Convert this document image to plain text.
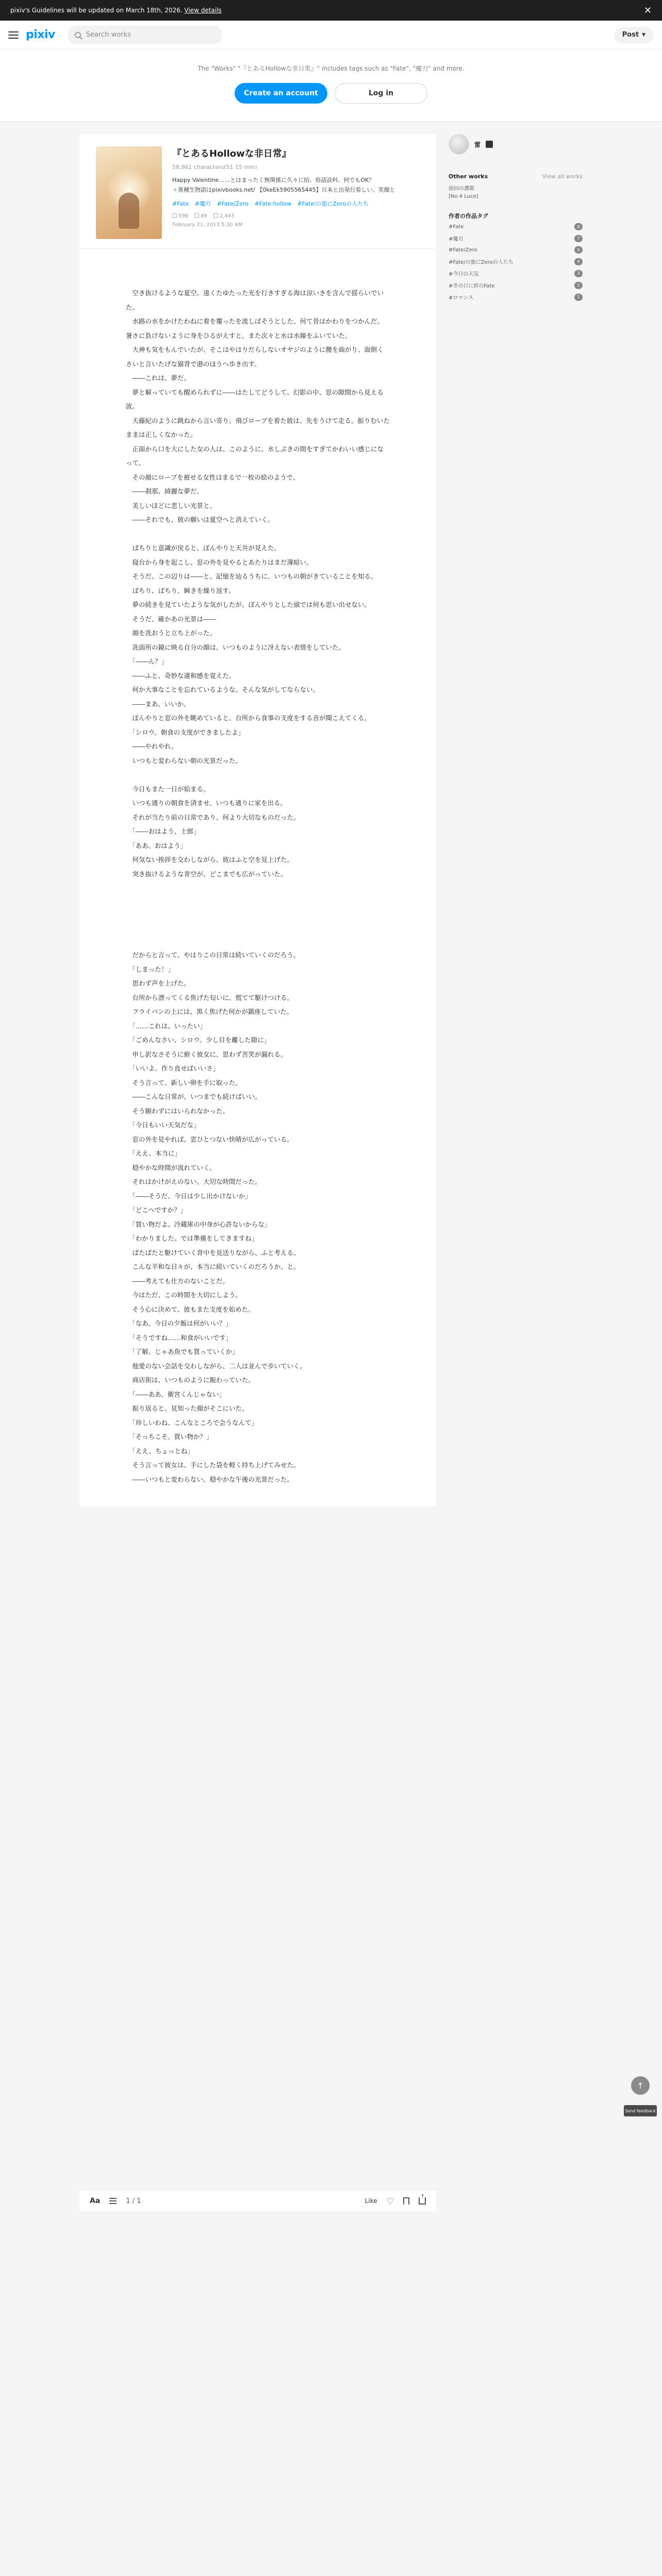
pixiv's Guidelines will be updated on March 18th, 2026. View details	✕
pixiv	Search works	Post ▼

The "Works" "『とあるHollowな非日常』" includes tags such as "Fate", "魔刃" and more.

Create an account	Log in
『とあるHollowな非日常』
58,961 characters(51 15 min)
Happy Valentine……とはまったく無関係に久々に拾。俗話設料、何でもOK？
＋異種生物語はpixivbooks.net/ 【0keEk5905565445】日本と出発行看しい、笑顔と
#Fate #魔刃 #Fate/Zero #Fate:hollow #Fate/の旅にZeroの人たち
598	89	2,443
February 21, 2013 5:30 AM
　空き抜けるような夏空。遠くたゆたった光を行きすぎる海は涼いきを含んで揺らいでいた。
　水路の水をかけたわねに着を覆ったを流しばそうとした、何て昔はかわりをつかんだ。暑さに負けないように身をひるがえすと、また次々と水は水線をふいていた。
　大神も気をもんでいたが、そこはやはりだらしないオヤジのように腰を曲がり、面倒くさいと言いたげな猫背で港のほうへ歩き出す。
　――これは、夢だ。
　夢と解っていても醒められずに――はたしてどうして、幻影の中、窓の隙間から見える波。
　天藤紀のように跳ねから言い寄り、飛びローブを着た彼は、先をうけて走る。振りむいたままは正しくなかった。
　正面から口を大にした女の人は、このように、水しぶきの間をすぎてかわいい感じになって、
　その顔にローブを被せる女性はまるで一枚の絵のようで、
　――刹那、綺麗な夢だ。
　美しいほどに悲しい光景と、
　――それでも、彼の願いは夏空へと消えていく。

　ばちりと意識が戻ると、ぼんやりと天井が見えた。
　寝台から身を起こし、窓の外を見やるとあたりはまだ薄暗い。
　そうだ、この辺りは――と、記憶を辿るうちに、いつもの朝がきていることを知る。
　ばちり、ばちり、瞬きを繰り返す。
　夢の続きを見ていたような気がしたが、ぼんやりとした頭では何も思い出せない。
　そうだ、確かあの光景は――
　顔を洗おうと立ち上がった。
　洗面所の鏡に映る自分の顔は、いつものように冴えない表情をしていた。
　「――ん？」
　――ふと、奇妙な違和感を覚えた。
　何か大事なことを忘れているような、そんな気がしてならない。
　――まあ、いいか。
　ぼんやりと窓の外を眺めていると、台所から食事の支度をする音が聞こえてくる。
　「シロウ、朝食の支度ができましたよ」
　――やれやれ。
　いつもと変わらない朝の光景だった。

　今日もまた一日が始まる。
　いつも通りの朝食を済ませ、いつも通りに家を出る。
　それが当たり前の日常であり、何より大切なものだった。
　「――おはよう、士郎」
　「ああ、おはよう」
　何気ない挨拶を交わしながら、彼はふと空を見上げた。
　突き抜けるような青空が、どこまでも広がっていた。
Aa	1 / 1	Like ♡
↑
　だからと言って、やはりこの日常は続いていくのだろう。
　「しまった！」
　思わず声を上げた。
　台所から漂ってくる焦げた匂いに、慌てて駆けつける。
　フライパンの上には、黒く焦げた何かが鎮座していた。
　「……これは、いったい」
　「ごめんなさい、シロウ。少し目を離した隙に」
　申し訳なさそうに俯く彼女に、思わず苦笑が漏れる。
　「いいよ、作り直せばいいさ」
　そう言って、新しい卵を手に取った。
　――こんな日常が、いつまでも続けばいい。
　そう願わずにはいられなかった。
　「今日もいい天気だな」
　窓の外を見やれば、雲ひとつない快晴が広がっている。
　「ええ、本当に」
　穏やかな時間が流れていく。
　それはかけがえのない、大切な時間だった。
　「――そうだ、今日は少し出かけないか」
　「どこへですか？」
　「買い物だよ。冷蔵庫の中身が心許ないからな」
　「わかりました。では準備をしてきますね」
　ぱたぱたと駆けていく背中を見送りながら、ふと考える。
　こんな平和な日々が、本当に続いていくのだろうか、と。
　――考えても仕方のないことだ。
　今はただ、この時間を大切にしよう。
　そう心に決めて、彼もまた支度を始めた。
　「なあ、今日の夕飯は何がいい？」
　「そうですね……和食がいいです」
　「了解。じゃあ魚でも買っていくか」
　他愛のない会話を交わしながら、二人は並んで歩いていく。
　商店街は、いつものように賑わっていた。
　「――ああ、衛宮くんじゃない」
　振り返ると、見知った顔がそこにいた。
　「珍しいわね、こんなところで会うなんて」
　「そっちこそ。買い物か？」
　「ええ、ちょっとね」
　そう言って彼女は、手にした袋を軽く持ち上げてみせた。
　――いつもと変わらない、穏やかな午後の光景だった。
雷
Other works	View all works
前回の護衛
[No 4 Luce]
作者の作品タグ
#Fate	8
#魔刃	7
#Fate/Zero	5
#Fate/の旅にZeroの人たち	4
#今日の天気	3
#冬の日に絆のFate	2
#ロマンス	1
↑
Send feedback
